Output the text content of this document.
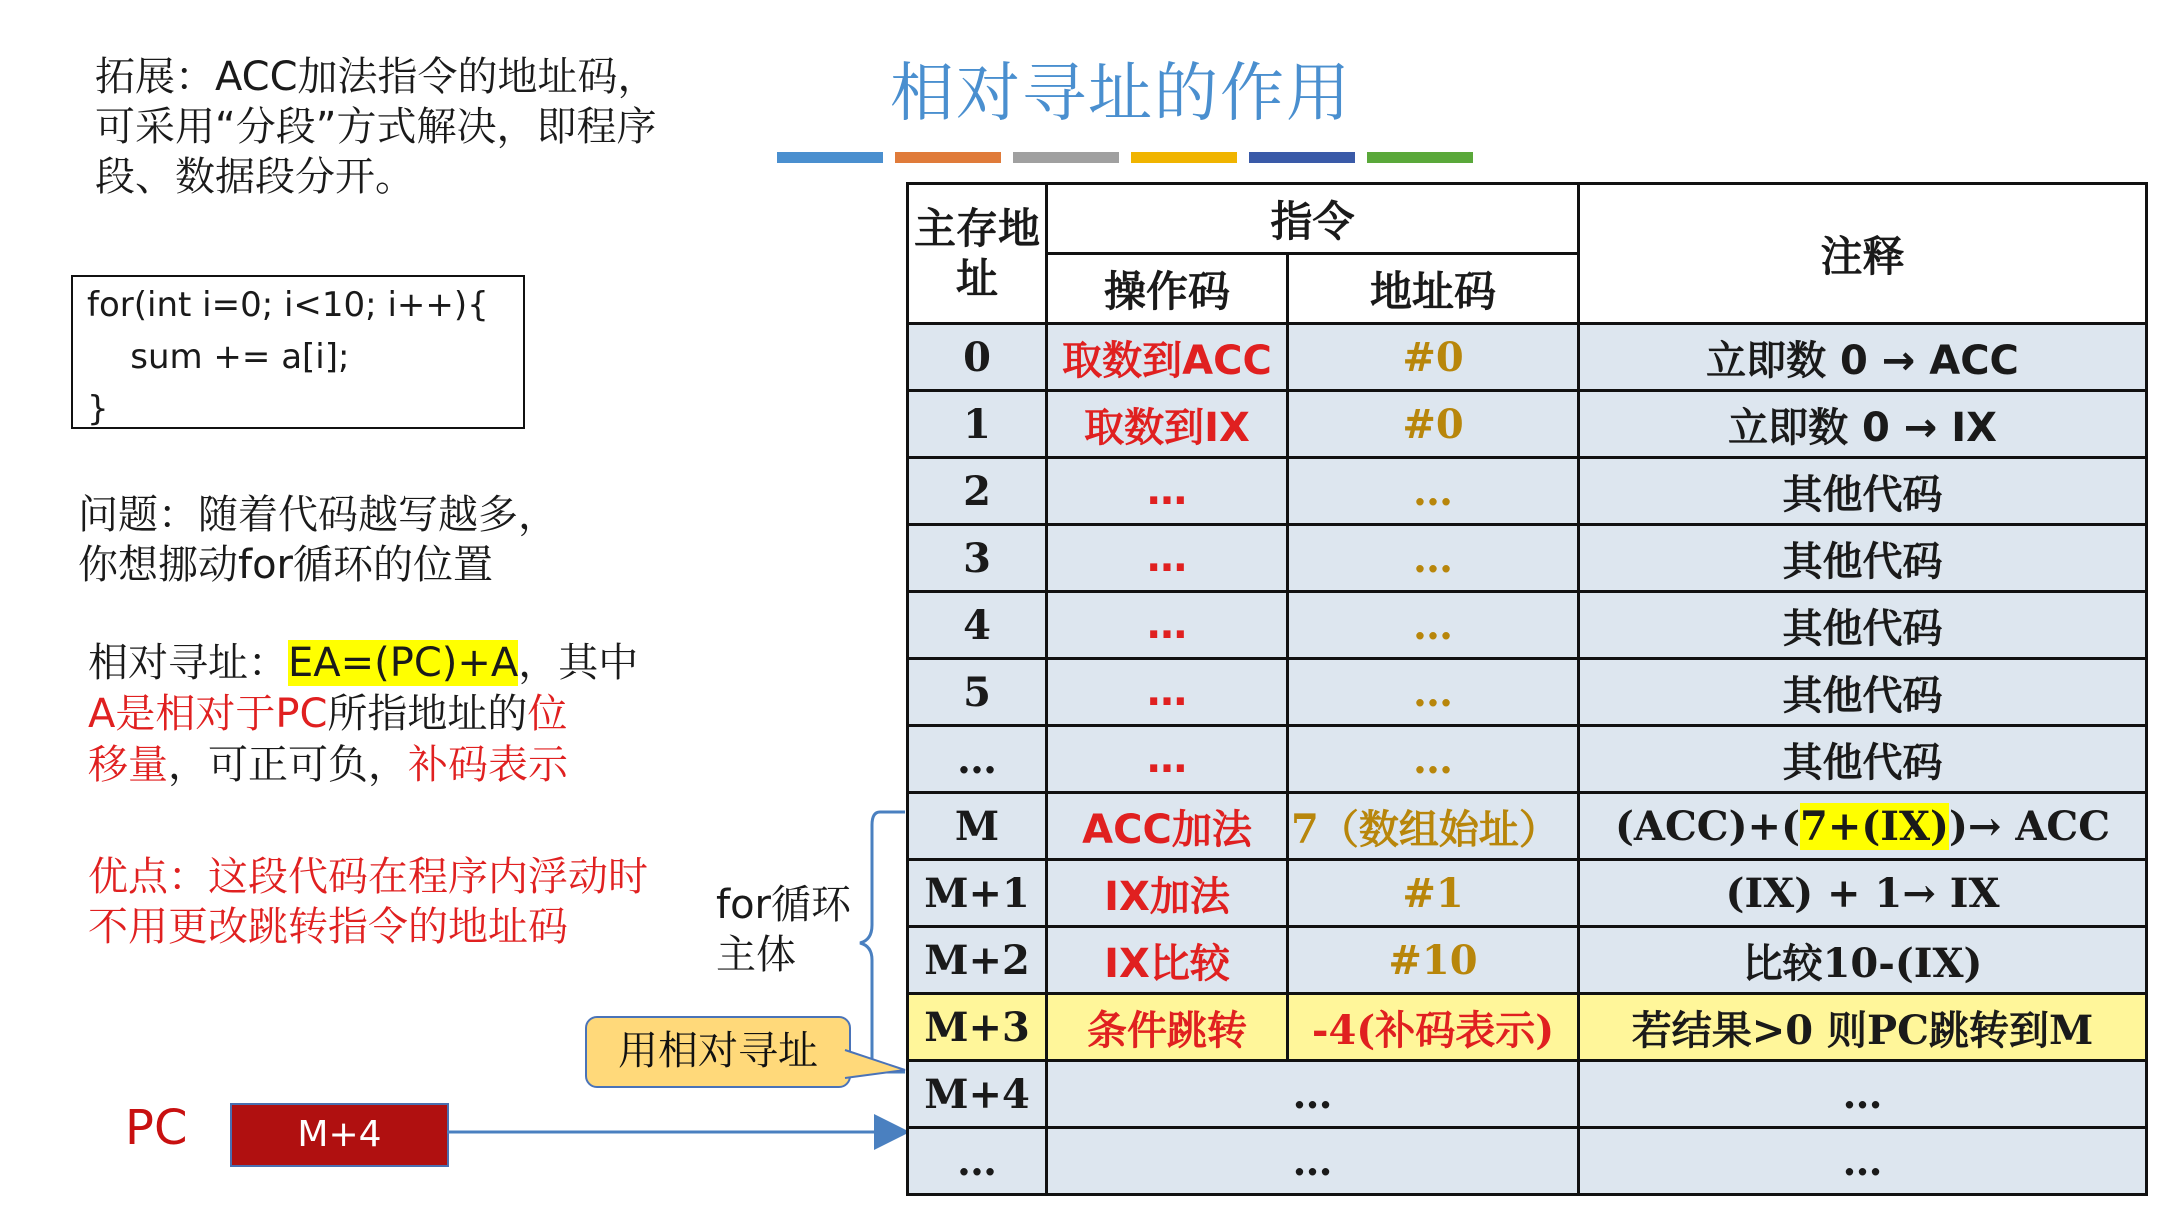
相对寻址的作用
拓展：ACC加法指令的地址码，可采用“分段”方式解决，即程序段、数据段分开。
for(int i=0; i<10; i++){
sum += a[i];
}
问题：随着代码越写越多，
你想挪动for循环的位置
相对寻址：EA=(PC)+A，其中
A是相对于PC所指地址的位
移量，可正可负，补码表示
优点：这段代码在程序内浮动时不用更改跳转指令的地址码	for循环
主体
用相对寻址
PC	M+4
主存地址	指令		注释
	操作码	地址码	
0	取数到ACC	#0	立即数 0 → ACC
1	取数到IX	#0	立即数 0 → IX
2	…	…	其他代码
3	…	…	其他代码
4	…	…	其他代码
5	…	…	其他代码
…	…	…	其他代码
M	ACC加法	7（数组始址）	(ACC)+(7+(IX))→ ACC
M+1	IX加法	#1	(IX) + 1→ IX
M+2	IX比较	#10	比较10-(IX)
M+3	条件跳转	-4(补码表示)	若结果>0 则PC跳转到M
M+4	…		…
…	…		…
